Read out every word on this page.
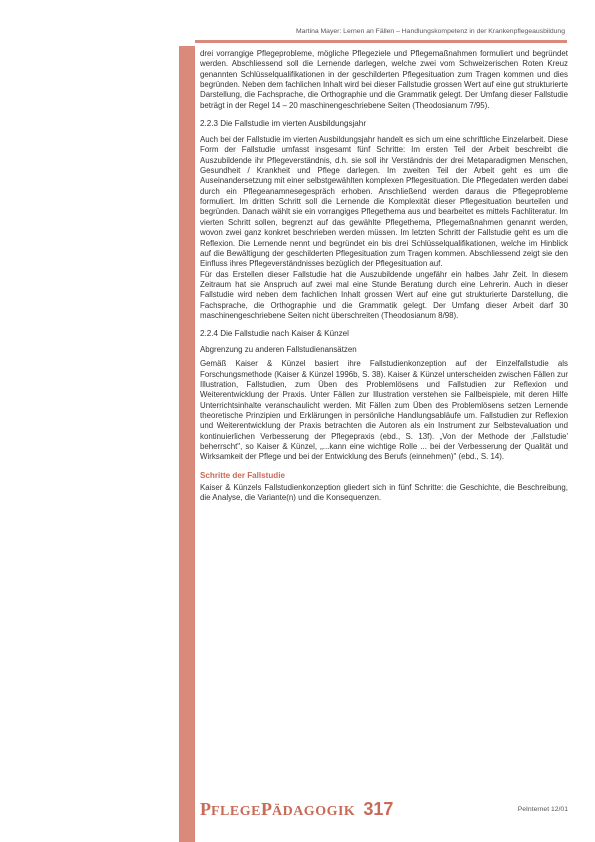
Martina Mayer: Lernen an Fällen – Handlungskompetenz in der Krankenpflegeausbildung

drei vorrangige Pflegeprobleme, mögliche Pflegeziele und Pflegemaßnahmen formuliert und begründet werden. Abschliessend soll die Lernende darlegen, welche zwei vom Schweizerischen Roten Kreuz genannten Schlüsselqualifikationen in der geschilderten Pflegesituation zum Tragen kommen und dies begründen. Neben dem fachlichen Inhalt wird bei dieser Fallstudie grossen Wert auf eine gut strukturierte Darstellung, die Fachsprache, die Orthographie und die Grammatik gelegt. Der Umfang dieser Fallstudie beträgt in der Regel 14 – 20 maschinengeschriebene Seiten (Theodosianum 7/95).

2.2.3 Die Fallstudie im vierten Ausbildungsjahr

Auch bei der Fallstudie im vierten Ausbildungsjahr handelt es sich um eine schriftliche Einzelarbeit. Diese Form der Fallstudie umfasst insgesamt fünf Schritte: Im ersten Teil der Arbeit beschreibt die Auszubildende ihr Pflegeverständnis, d.h. sie soll ihr Verständnis der drei Metaparadigmen Menschen, Gesundheit / Krankheit und Pflege darlegen. Im zweiten Teil der Arbeit geht es um die Auseinandersetzung mit einer selbstgewählten komplexen Pflegesituation. Die Pflegedaten werden dabei durch ein Pflegeanamnesegespräch erhoben. Anschließend werden daraus die Pflegeprobleme formuliert. Im dritten Schritt soll die Lernende die Komplexität dieser Pflegesituation beurteilen und begründen. Danach wählt sie ein vorrangiges Pflegethema aus und bearbeitet es mittels Fachliteratur. Im vierten Schritt sollen, begrenzt auf das gewählte Pflegethema, Pflegemaßnahmen genannt werden, wovon zwei ganz konkret beschrieben werden müssen. Im letzten Schritt der Fallstudie geht es um die Reflexion. Die Lernende nennt und begründet ein bis drei Schlüsselqualifikationen, welche im Hinblick auf die Bewältigung der geschilderten Pflegesituation zum Tragen kommen. Abschliessend zeigt sie den Einfluss ihres Pflegeverständnisses bezüglich der Pflegesituation auf.

Für das Erstellen dieser Fallstudie hat die Auszubildende ungefähr ein halbes Jahr Zeit. In diesem Zeitraum hat sie Anspruch auf zwei mal eine Stunde Beratung durch eine Lehrerin. Auch in dieser Fallstudie wird neben dem fachlichen Inhalt grossen Wert auf eine gut strukturierte Darstellung, die Fachsprache, die Orthographie und die Grammatik gelegt. Der Umfang dieser Arbeit darf 30 maschinengeschriebene Seiten nicht überschreiten (Theodosianum 8/98).

2.2.4 Die Fallstudie nach Kaiser & Künzel
Abgrenzung zu anderen Fallstudienansätzen

Gemäß Kaiser & Künzel basiert ihre Fallstudienkonzeption auf der Einzelfallstudie als Forschungsmethode (Kaiser & Künzel 1996b, S. 38). Kaiser & Künzel unterscheiden zwischen Fällen zur Illustration, Fallstudien, zum Üben des Problemlösens und Fallstudien zur Reflexion und Weiterentwicklung der Praxis. Unter Fällen zur Illustration verstehen sie Fallbeispiele, mit deren Hilfe Unterrichtsinhalte veranschaulicht werden. Mit Fällen zum Üben des Problemlösens setzen Lernende theoretische Prinzipien und Erklärungen in persönliche Handlungsabläufe um. Fallstudien zur Reflexion und Weiterentwicklung der Praxis betrachten die Autoren als ein Instrument zur Selbstevaluation und kontinuierlichen Verbesserung der Pflegepraxis (ebd., S. 13f). „Von der Methode der ‚Fallstudie' beherrscht", so Kaiser & Künzel, „...kann eine wichtige Rolle ... bei der Verbesserung der Qualität und Wirksamkeit der Pflege und bei der Entwicklung des Berufs (einnehmen)" (ebd., S. 14).

Schritte der Fallstudie

Kaiser & Künzels Fallstudienkonzeption gliedert sich in fünf Schritte: die Geschichte, die Beschreibung, die Analyse, die Variante(n) und die Konsequenzen.

PFLEGEPÄDAGOGIK 317	PeInternet 12/01
